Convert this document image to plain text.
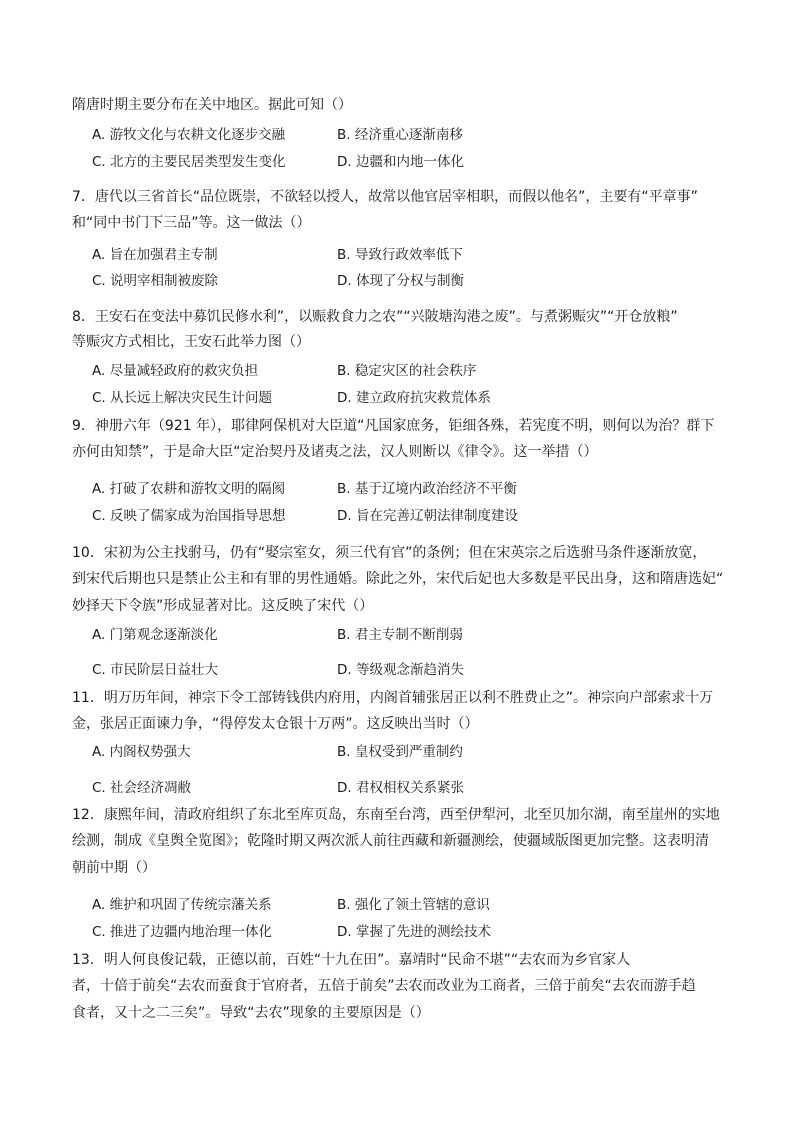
隋唐时期主要分布在关中地区。据此可知（）
A. 游牧文化与农耕文化逐步交融	B. 经济重心逐渐南移
C. 北方的主要民居类型发生变化	D. 边疆和内地一体化
7．唐代以三省首长“品位既崇，不欲轻以授人，故常以他官居宰相职，而假以他名”，主要有“平章事”
和“同中书门下三品”等。这一做法（）
A. 旨在加强君主专制	B. 导致行政效率低下
C. 说明宰相制被废除	D. 体现了分权与制衡
8．王安石在变法中募饥民修水利”，以赈救食力之农”“兴陂塘沟港之废”。与煮粥赈灾”“开仓放粮”
等赈灾方式相比，王安石此举力图（）
A. 尽量减轻政府的救灾负担	B. 稳定灾区的社会秩序
C. 从长远上解决灾民生计问题	D. 建立政府抗灾救荒体系
9．神册六年（921 年），耶律阿保机对大臣道“凡国家庶务，钜细各殊，若宪度不明，则何以为治？群下
亦何由知禁”，于是命大臣“定治契丹及诸夷之法，汉人则断以《律令》。这一举措（）
A. 打破了农耕和游牧文明的隔阂	B. 基于辽境内政治经济不平衡
C. 反映了儒家成为治国指导思想	D. 旨在完善辽朝法律制度建设
10．宋初为公主找驸马，仍有“娶宗室女，须三代有官”的条例；但在宋英宗之后选驸马条件逐渐放宽，
到宋代后期也只是禁止公主和有罪的男性通婚。除此之外，宋代后妃也大多数是平民出身，这和隋唐选妃“
妙择天下令族”形成显著对比。这反映了宋代（）
A. 门第观念逐渐淡化	B. 君主专制不断削弱
C. 市民阶层日益壮大	D. 等级观念渐趋消失
11．明万历年间，神宗下令工部铸钱供内府用，内阁首辅张居正以利不胜费止之”。神宗向户部索求十万
金，张居正面谏力争，“得停发太仓银十万两”。这反映出当时（）
A. 内阁权势强大	B. 皇权受到严重制约
C. 社会经济凋敝	D. 君权相权关系紧张
12．康熙年间，清政府组织了东北至库页岛，东南至台湾，西至伊犁河，北至贝加尔湖，南至崖州的实地
绘测，制成《皇舆全览图》；乾隆时期又两次派人前往西藏和新疆测绘，使疆域版图更加完整。这表明清
朝前中期（）
A. 维护和巩固了传统宗藩关系	B. 强化了领土管辖的意识
C. 推进了边疆内地治理一体化	D. 掌握了先进的测绘技术
13．明人何良俊记载，正德以前，百姓“十九在田”。嘉靖时“民命不堪”“去农而为乡官家人
者，十倍于前矣“去农而蚕食于官府者，五倍于前矣”去农而改业为工商者，三倍于前矣“去农而游手趋
食者，又十之二三矣”。导致“去农”现象的主要原因是（）
